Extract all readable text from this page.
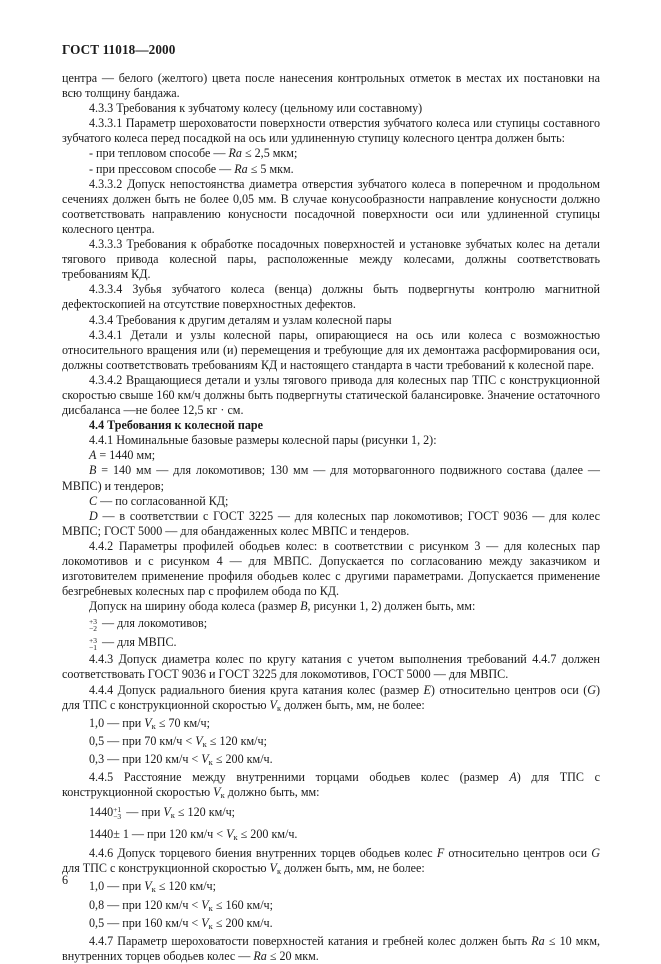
ГОСТ 11018—2000

центра — белого (желтого) цвета после нанесения контрольных отметок в местах их постановки на всю толщину бандажа.

4.3.3 Требования к зубчатому колесу (цельному или составному)

4.3.3.1 Параметр шероховатости поверхности отверстия зубчатого колеса или ступицы составного зубчатого колеса перед посадкой на ось или удлиненную ступицу колесного центра должен быть:

- при тепловом способе — Ra ≤ 2,5 мкм;

- при прессовом способе — Ra ≤ 5 мкм.

4.3.3.2 Допуск непостоянства диаметра отверстия зубчатого колеса в поперечном и продольном сечениях должен быть не более 0,05 мм. В случае конусообразности направление конусности должно соответствовать направлению конусности посадочной поверхности оси или удлиненной ступицы колесного центра.

4.3.3.3 Требования к обработке посадочных поверхностей и установке зубчатых колес на детали тягового привода колесной пары, расположенные между колесами, должны соответствовать требованиям КД.

4.3.3.4 Зубья зубчатого колеса (венца) должны быть подвергнуты контролю магнитной дефектоскопией на отсутствие поверхностных дефектов.

4.3.4 Требования к другим деталям и узлам колесной пары

4.3.4.1 Детали и узлы колесной пары, опирающиеся на ось или колеса с возможностью относительного вращения или (и) перемещения и требующие для их демонтажа расформирования оси, должны соответствовать требованиям КД и настоящего стандарта в части требований к колесной паре.

4.3.4.2 Вращающиеся детали и узлы тягового привода для колесных пар ТПС с конструкционной скоростью свыше 160 км/ч должны быть подвергнуты статической балансировке. Значение остаточного дисбаланса —не более 12,5 кг · см.

4.4 Требования к колесной паре

4.4.1 Номинальные базовые размеры колесной пары (рисунки 1, 2):

A = 1440 мм;

B = 140 мм — для локомотивов; 130 мм — для моторвагонного подвижного состава (далее — МВПС) и тендеров;

C — по согласованной КД;

D — в соответствии с ГОСТ 3225 — для колесных пар локомотивов; ГОСТ 9036 — для колес МВПС; ГОСТ 5000 — для обандаженных колес МВПС и тендеров.

4.4.2 Параметры профилей ободьев колес: в соответствии с рисунком 3 — для колесных пар локомотивов и с рисунком 4 — для МВПС. Допускается по согласованию между заказчиком и изготовителем применение профиля ободьев колес с другими параметрами. Допускается применение безгребневых колесных пар с профилем обода по КД.

Допуск на ширину обода колеса (размер B, рисунки 1, 2) должен быть, мм:

+3
−2 — для локомотивов;

+3
−1 — для МВПС.

4.4.3 Допуск диаметра колес по кругу катания с учетом выполнения требований 4.4.7 должен соответствовать ГОСТ 9036 и ГОСТ 3225 для локомотивов, ГОСТ 5000 — для МВПС.

4.4.4 Допуск радиального биения круга катания колес (размер E) относительно центров оси (G) для ТПС с конструкционной скоростью $V_к$ должен быть, мм, не более:

1,0 — при $V_к \le 70$ км/ч;

0,5 — при 70 $км/ч < V_к \le 120$ км/ч;

0,3 — при 120 $км/ч < V_к \le 200$ км/ч.

4.4.5 Расстояние между внутренними торцами ободьев колес (размер A) для ТПС с конструкционной скоростью $V_к$ должно быть, мм:

1440 +1
−3 — при $V_к \le 120$ км/ч;

1440± 1 — при 120 $км/ч < V_к \le 200$ км/ч.

4.4.6 Допуск торцевого биения внутренних торцев ободьев колес F относительно центров оси G для ТПС с конструкционной скоростью $V_к$ должен быть, мм, не более:

1,0 — при $V_к \le 120$ км/ч;

0,8 — при 120 $км/ч < V_к \le 160$ км/ч;

0,5 — при 160 $км/ч < V_к \le 200$ км/ч.

4.4.7 Параметр шероховатости поверхностей катания и гребней колес должен быть Ra ≤ 10 мкм, внутренних торцев ободьев колес — Ra ≤ 20 мкм.

6
